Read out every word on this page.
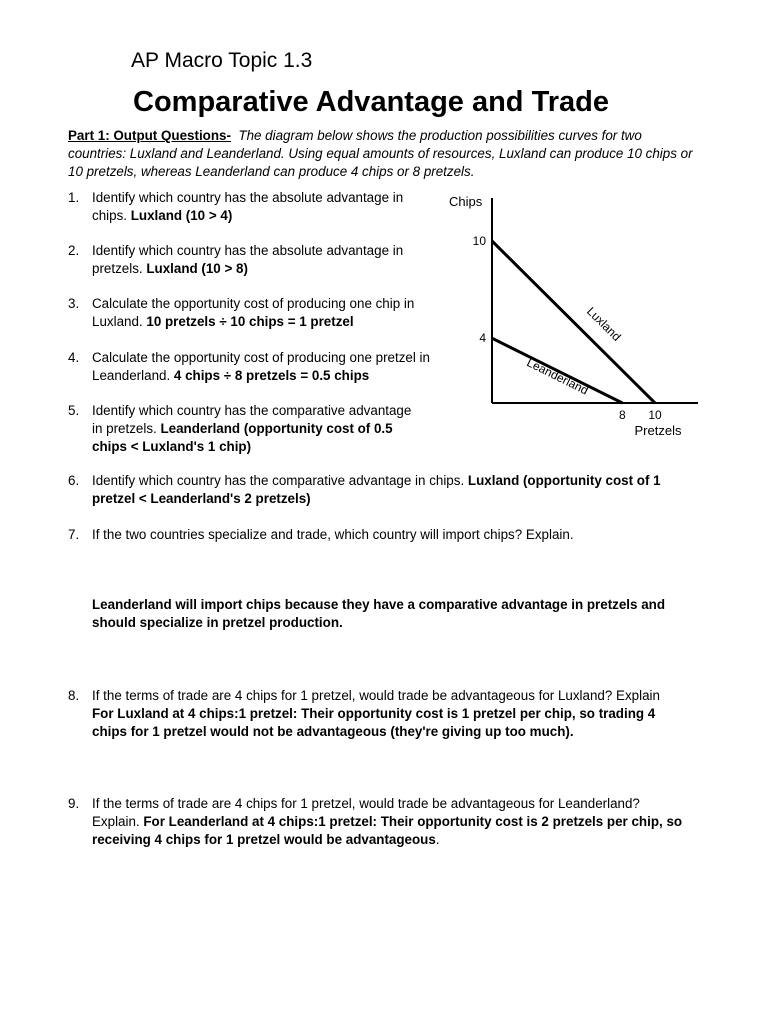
AP Macro Topic 1.3
Comparative Advantage and Trade
Part 1: Output Questions- The diagram below shows the production possibilities curves for two countries: Luxland and Leanderland. Using equal amounts of resources, Luxland can produce 10 chips or 10 pretzels, whereas Leanderland can produce 4 chips or 8 pretzels.
1. Identify which country has the absolute advantage in chips. Luxland (10 > 4)
2. Identify which country has the absolute advantage in pretzels. Luxland (10 > 8)
3. Calculate the opportunity cost of producing one chip in Luxland. 10 pretzels ÷ 10 chips = 1 pretzel
4. Calculate the opportunity cost of producing one pretzel in Leanderland. 4 chips ÷ 8 pretzels = 0.5 chips
5. Identify which country has the comparative advantage in pretzels. Leanderland (opportunity cost of 0.5 chips < Luxland's 1 chip)
6. Identify which country has the comparative advantage in chips. Luxland (opportunity cost of 1 pretzel < Leanderland's 2 pretzels)
7. If the two countries specialize and trade, which country will import chips? Explain.
Leanderland will import chips because they have a comparative advantage in pretzels and should specialize in pretzel production.
8. If the terms of trade are 4 chips for 1 pretzel, would trade be advantageous for Luxland? Explain
For Luxland at 4 chips:1 pretzel: Their opportunity cost is 1 pretzel per chip, so trading 4 chips for 1 pretzel would not be advantageous (they're giving up too much).
9. If the terms of trade are 4 chips for 1 pretzel, would trade be advantageous for Leanderland? Explain. For Leanderland at 4 chips:1 pretzel: Their opportunity cost is 2 pretzels per chip, so receiving 4 chips for 1 pretzel would be advantageous.
Chips
Pretzels
Luxland
10
10
Leanderland
4
8
